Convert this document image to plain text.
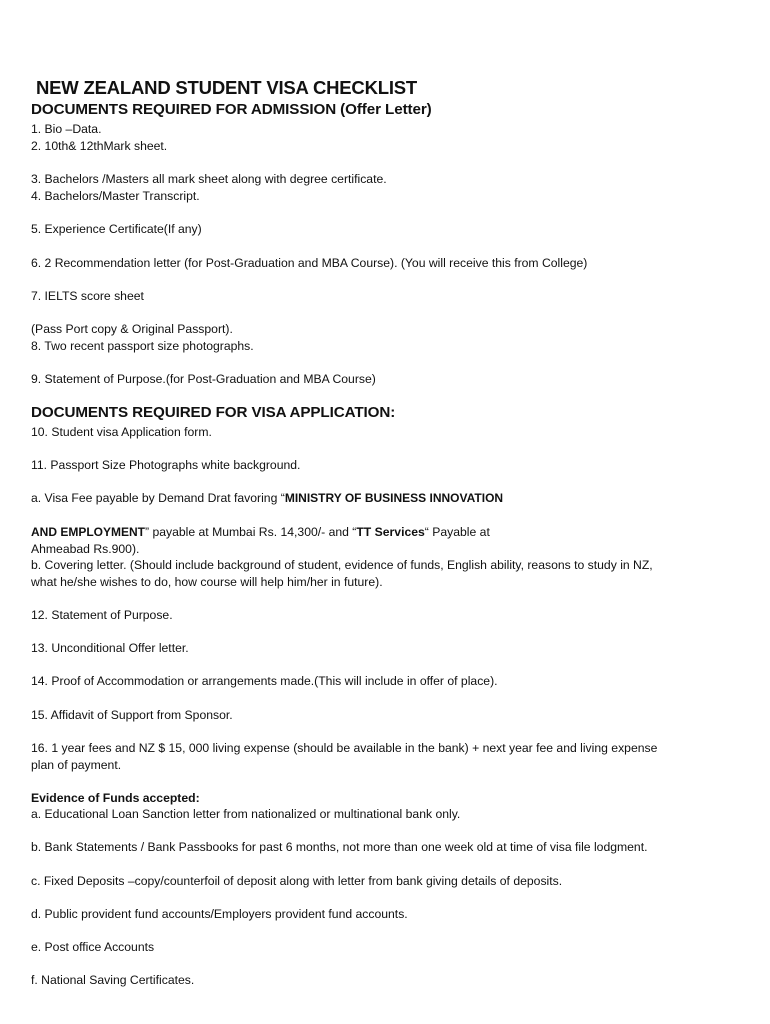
NEW ZEALAND STUDENT VISA CHECKLIST
DOCUMENTS REQUIRED FOR ADMISSION (Offer Letter)
1. Bio –Data.
2. 10th& 12thMark sheet.
3. Bachelors /Masters all mark sheet along with degree certificate.
4. Bachelors/Master Transcript.
5. Experience Certificate(If any)
6. 2 Recommendation letter (for Post-Graduation and MBA Course). (You will receive this from College)
7. IELTS score sheet
(Pass Port copy & Original Passport).
8. Two recent passport size photographs.
9. Statement of Purpose.(for Post-Graduation and MBA Course)
DOCUMENTS REQUIRED FOR VISA APPLICATION:
10. Student visa Application form.
11. Passport Size Photographs white background.
a. Visa Fee payable by Demand Drat favoring “MINISTRY OF BUSINESS INNOVATION
AND EMPLOYMENT” payable at Mumbai Rs. 14,300/- and “TT Services“ Payable at
Ahmeabad Rs.900).
b. Covering letter. (Should include background of student, evidence of funds, English ability, reasons to study in NZ,
what he/she wishes to do, how course will help him/her in future).
12. Statement of Purpose.
13. Unconditional Offer letter.
14. Proof of Accommodation or arrangements made.(This will include in offer of place).
15. Affidavit of Support from Sponsor.
16. 1 year fees and NZ $ 15, 000 living expense (should be available in the bank) + next year fee and living expense
plan of payment.
Evidence of Funds accepted:
a. Educational Loan Sanction letter from nationalized or multinational bank only.
b. Bank Statements / Bank Passbooks for past 6 months, not more than one week old at time of visa file lodgment.
c. Fixed Deposits –copy/counterfoil of deposit along with letter from bank giving details of deposits.
d. Public provident fund accounts/Employers provident fund accounts.
e. Post office Accounts
f. National Saving Certificates.
